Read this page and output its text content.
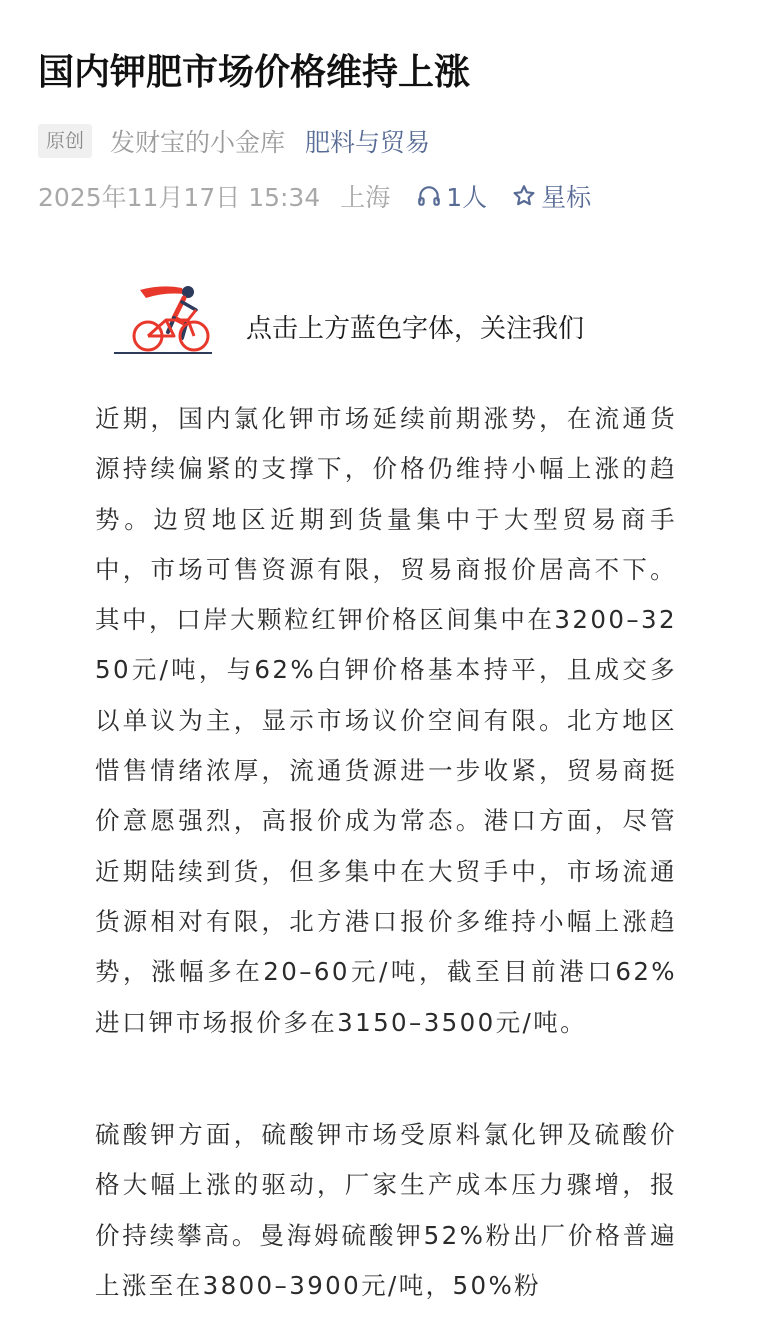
国内钾肥市场价格维持上涨
原创	发财宝的小金库 肥料与贸易
2025年11月17日 15:34 上海 1人 星标
点击上方蓝色字体，关注我们

近期，国内氯化钾市场延续前期涨势，在流通货源持续偏紧的支撑下，价格仍维持小幅上涨的趋势。边贸地区近期到货量集中于大型贸易商手中，市场可售资源有限，贸易商报价居高不下。其中，口岸大颗粒红钾价格区间集中在3200–3250元/吨，与62%白钾价格基本持平，且成交多以单议为主，显示市场议价空间有限。北方地区惜售情绪浓厚，流通货源进一步收紧，贸易商挺价意愿强烈，高报价成为常态。港口方面，尽管近期陆续到货，但多集中在大贸手中，市场流通货源相对有限，北方港口报价多维持小幅上涨趋势，涨幅多在20–60元/吨，截至目前港口62%进口钾市场报价多在3150–3500元/吨。

硫酸钾方面，硫酸钾市场受原料氯化钾及硫酸价格大幅上涨的驱动，厂家生产成本压力骤增，报价持续攀高。曼海姆硫酸钾52%粉出厂价格普遍上涨至在3800–3900元/吨，50%粉
